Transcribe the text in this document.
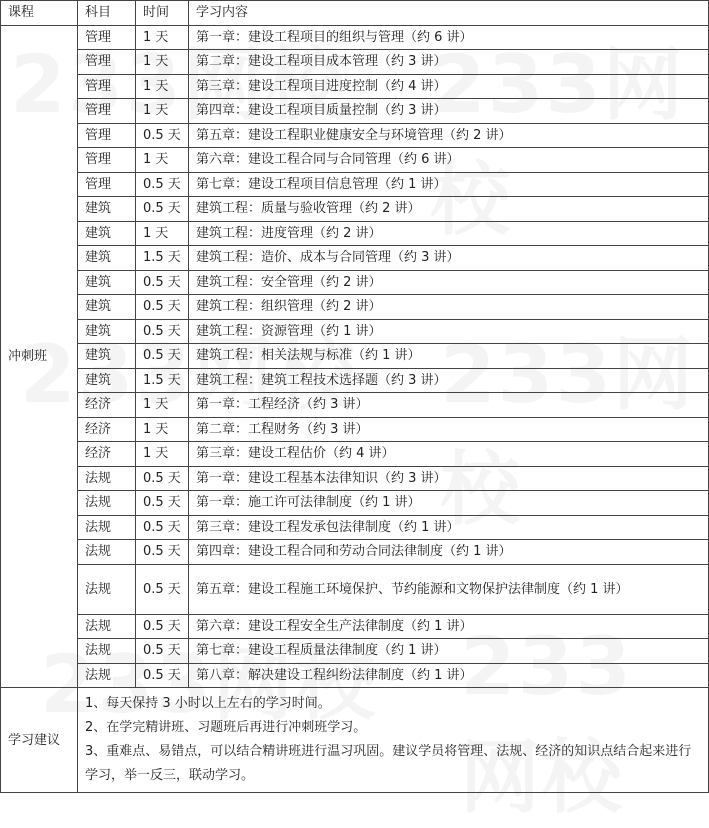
课程	科目	时间	学习内容
冲刺班	管理	1 天	第一章：建设工程项目的组织与管理（约 6 讲）
	管理	1 天	第二章：建设工程项目成本管理（约 3 讲）
	管理	1 天	第三章：建设工程项目进度控制（约 4 讲）
	管理	1 天	第四章：建设工程项目质量控制（约 3 讲）
	管理	0.5 天	第五章：建设工程职业健康安全与环境管理（约 2 讲）
	管理	1 天	第六章：建设工程合同与合同管理（约 6 讲）
	管理	0.5 天	第七章：建设工程项目信息管理（约 1 讲）
	建筑	0.5 天	建筑工程：质量与验收管理（约 2 讲）
	建筑	1 天	建筑工程：进度管理（约 2 讲）
	建筑	1.5 天	建筑工程：造价、成本与合同管理（约 3 讲）
	建筑	0.5 天	建筑工程：安全管理（约 2 讲）
	建筑	0.5 天	建筑工程：组织管理（约 2 讲）
	建筑	0.5 天	建筑工程：资源管理（约 1 讲）
	建筑	0.5 天	建筑工程：相关法规与标准（约 1 讲）
	建筑	1.5 天	建筑工程：建筑工程技术选择题（约 3 讲）
	经济	1 天	第一章：工程经济（约 3 讲）
	经济	1 天	第二章：工程财务（约 3 讲）
	经济	1 天	第三章：建设工程估价（约 4 讲）
	法规	0.5 天	第一章：建设工程基本法律知识（约 3 讲）
	法规	0.5 天	第一章：施工许可法律制度（约 1 讲）
	法规	0.5 天	第三章：建设工程发承包法律制度（约 1 讲）
	法规	0.5 天	第四章：建设工程合同和劳动合同法律制度（约 1 讲）
	法规	0.5 天	第五章：建设工程施工环境保护、节约能源和文物保护法律制度（约 1 讲）
	法规	0.5 天	第六章：建设工程安全生产法律制度（约 1 讲）
	法规	0.5 天	第七章：建设工程质量法律制度（约 1 讲）
	法规	0.5 天	第八章：解决建设工程纠纷法律制度（约 1 讲）
学习建议	1、每天保持 3 小时以上左右的学习时间。

2、在学完精讲班、习题班后再进行冲刺班学习。

3、重难点、易错点，可以结合精讲班进行温习巩固。建议学员将管理、法规、经济的知识点结合起来进行学习，举一反三，联动学习。		
